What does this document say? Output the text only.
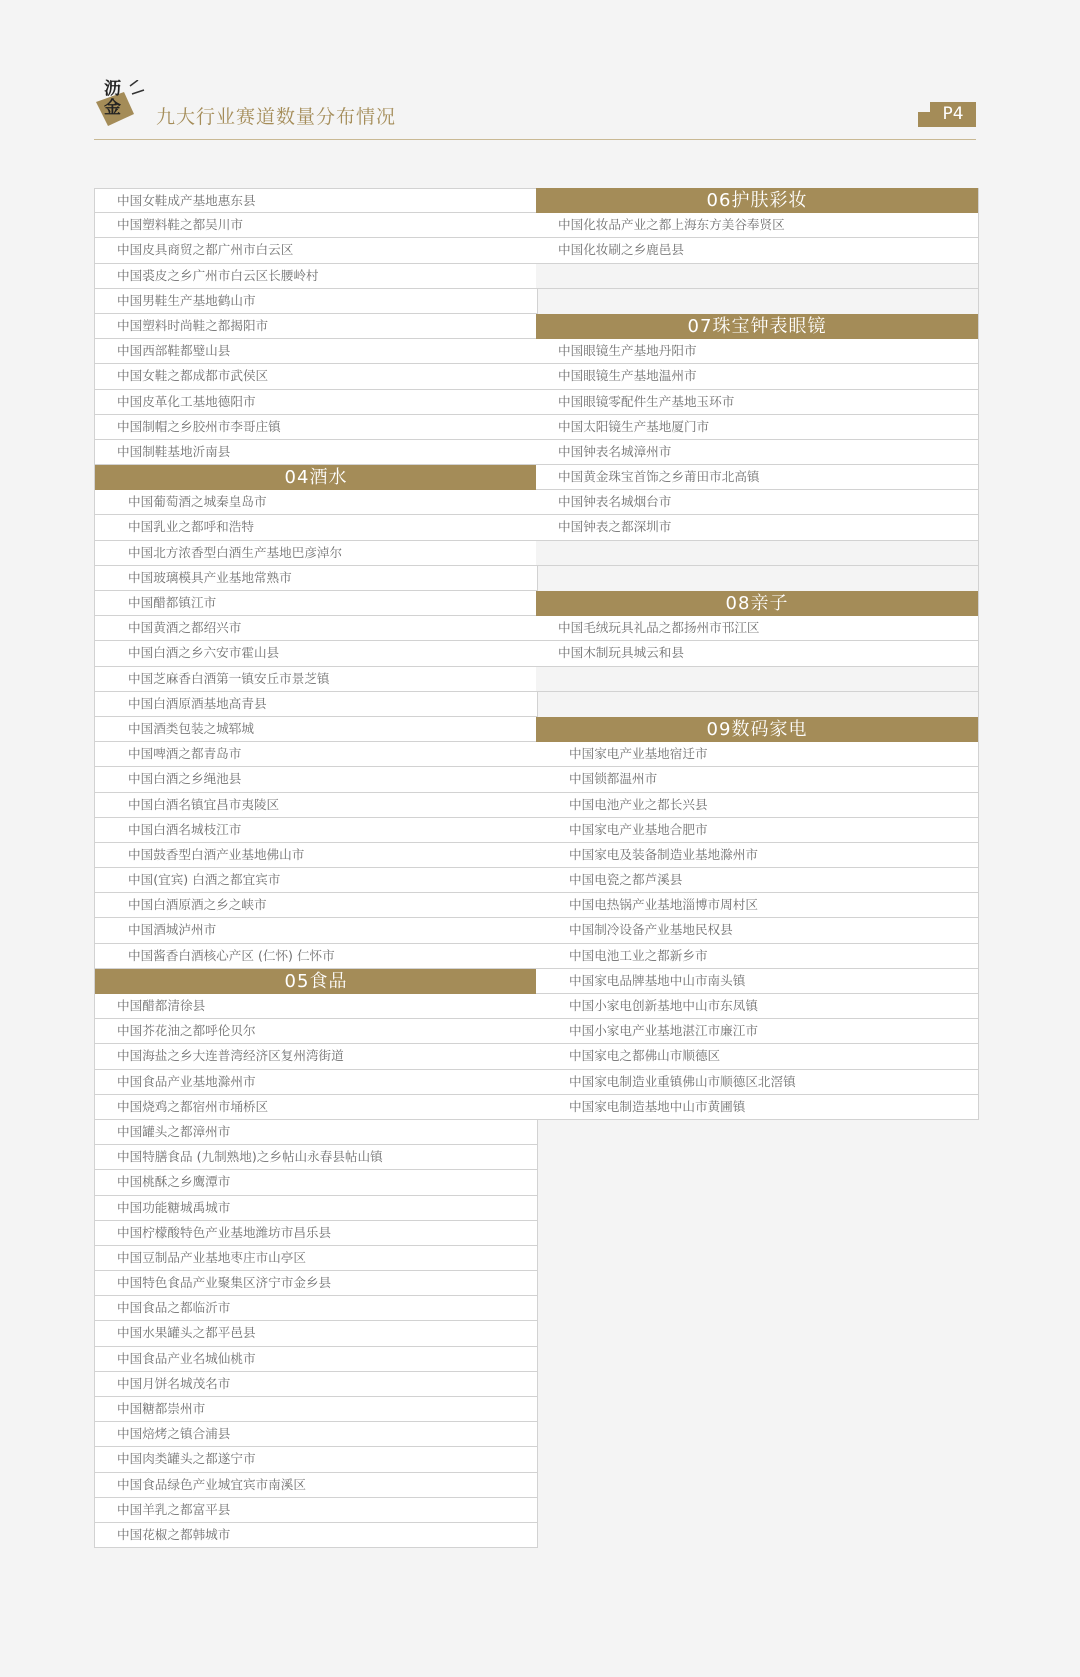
沥金 九大行业赛道数量分布情况	P4
中国女鞋成产基地惠东县
中国塑料鞋之都吴川市
中国皮具商贸之都广州市白云区
中国裘皮之乡广州市白云区长腰岭村
中国男鞋生产基地鹤山市
中国塑料时尚鞋之都揭阳市
中国西部鞋都璧山县
中国女鞋之都成都市武侯区
中国皮革化工基地德阳市
中国制帽之乡胶州市李哥庄镇
中国制鞋基地沂南县
04酒水
中国葡萄酒之城秦皇岛市
中国乳业之都呼和浩特
中国北方浓香型白酒生产基地巴彦淖尔
中国玻璃模具产业基地常熟市
中国醋都镇江市
中国黄酒之都绍兴市
中国白酒之乡六安市霍山县
中国芝麻香白酒第一镇安丘市景芝镇
中国白酒原酒基地高青县
中国酒类包装之城郓城
中国啤酒之都青岛市
中国白酒之乡绳池县
中国白酒名镇宜昌市夷陵区
中国白酒名城枝江市
中国鼓香型白酒产业基地佛山市
中国(宜宾) 白酒之都宜宾市
中国白酒原酒之乡之峡市
中国酒城泸州市
中国酱香白酒核心产区 (仁怀) 仁怀市
05食品
中国醋都清徐县
中国芥花油之都呼伦贝尔
中国海盐之乡大连普湾经济区复州湾街道
中国食品产业基地滁州市
中国烧鸡之都宿州市埇桥区
中国罐头之都漳州市
中国特膳食品 (九制熟地)之乡帖山永春县帖山镇
中国桃酥之乡鹰潭市
中国功能糖城禹城市
中国柠檬酸特色产业基地潍坊市昌乐县
中国豆制品产业基地枣庄市山亭区
中国特色食品产业聚集区济宁市金乡县
中国食品之都临沂市
中国水果罐头之都平邑县
中国食品产业名城仙桃市
中国月饼名城茂名市
中国糖都崇州市
中国焙烤之镇合浦县
中国肉类罐头之都遂宁市
中国食品绿色产业城宜宾市南溪区
中国羊乳之都富平县
中国花椒之都韩城市
06护肤彩妆
中国化妆品产业之都上海东方美谷奉贤区
中国化妆刷之乡鹿邑县
07珠宝钟表眼镜
中国眼镜生产基地丹阳市
中国眼镜生产基地温州市
中国眼镜零配件生产基地玉环市
中国太阳镜生产基地厦门市
中国钟表名城漳州市
中国黄金珠宝首饰之乡莆田市北高镇
中国钟表名城烟台市
中国钟表之都深圳市
08亲子
中国毛绒玩具礼品之都扬州市邗江区
中国木制玩具城云和县
09数码家电
中国家电产业基地宿迁市
中国锁都温州市
中国电池产业之都长兴县
中国家电产业基地合肥市
中国家电及装备制造业基地滁州市
中国电瓷之都芦溪县
中国电热锅产业基地淄博市周村区
中国制冷设备产业基地民权县
中国电池工业之都新乡市
中国家电品牌基地中山市南头镇
中国小家电创新基地中山市东凤镇
中国小家电产业基地湛江市廉江市
中国家电之都佛山市顺德区
中国家电制造业重镇佛山市顺德区北滘镇
中国家电制造基地中山市黄圃镇
